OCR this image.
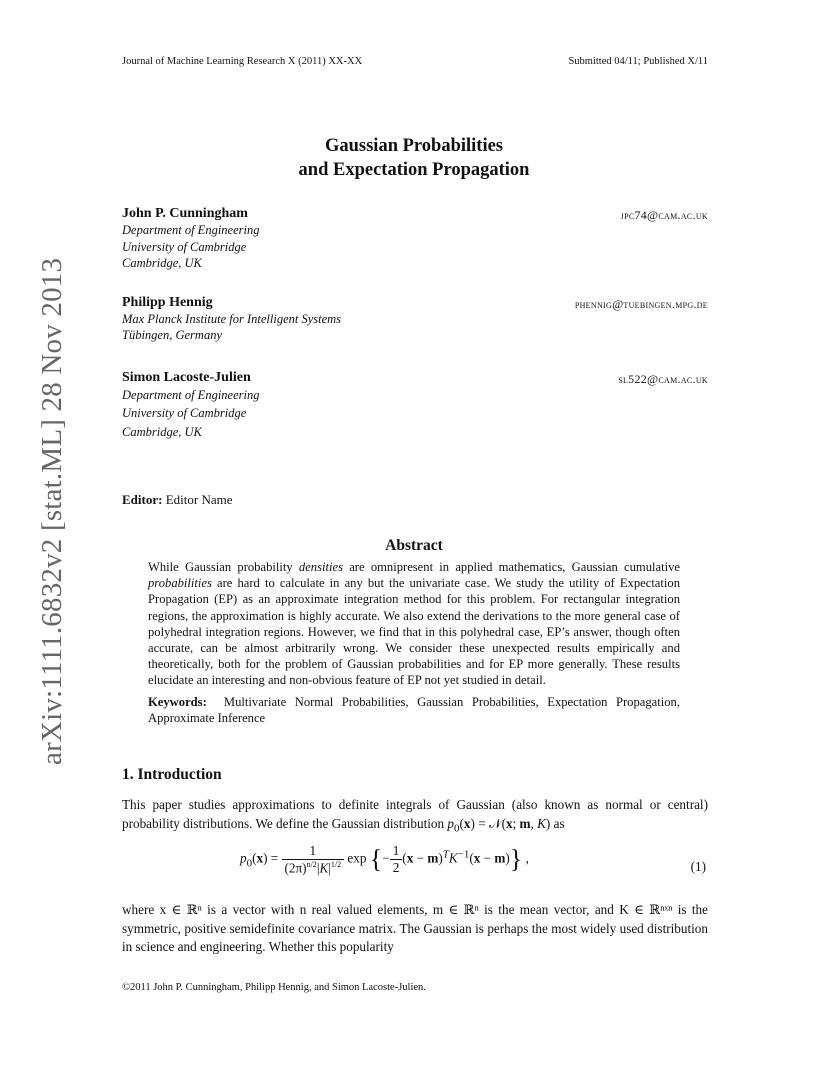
Journal of Machine Learning Research X (2011) XX-XX	Submitted 04/11; Published X/11
arXiv:1111.6832v2 [stat.ML] 28 Nov 2013
Gaussian Probabilities
and Expectation Propagation
John P. Cunningham	jpc74@cam.ac.uk
Department of Engineering
University of Cambridge
Cambridge, UK
Philipp Hennig	phennig@tuebingen.mpg.de
Max Planck Institute for Intelligent Systems
Tübingen, Germany
Simon Lacoste-Julien	sl522@cam.ac.uk
Department of Engineering
University of Cambridge
Cambridge, UK
Editor: Editor Name
Abstract

While Gaussian probability densities are omnipresent in applied mathematics, Gaussian cumulative probabilities are hard to calculate in any but the univariate case. We study the utility of Expectation Propagation (EP) as an approximate integration method for this problem. For rectangular integration regions, the approximation is highly accurate. We also extend the derivations to the more general case of polyhedral integration regions. However, we find that in this polyhedral case, EP’s answer, though often accurate, can be almost arbitrarily wrong. We consider these unexpected results empirically and theoretically, both for the problem of Gaussian probabilities and for EP more generally. These results elucidate an interesting and non-obvious feature of EP not yet studied in detail.

Keywords: Multivariate Normal Probabilities, Gaussian Probabilities, Expectation Propagation, Approximate Inference

1. Introduction

This paper studies approximations to definite integrals of Gaussian (also known as normal or central) probability distributions. We define the Gaussian distribution $p_0(x)$ = 𝒩(x; m, K) as

$p_0(x) = \frac{1}{(2\pi)^{n/2}|K|^{1/2}}$ exp {− $\frac{1}{2} (x - m)^TK^{-1}(x - m)$} ,
(1)

where x ∈ ℝⁿ is a vector with n real valued elements, m ∈ ℝⁿ is the mean vector, and K ∈ ℝⁿˣⁿ is the symmetric, positive semidefinite covariance matrix. The Gaussian is perhaps the most widely used distribution in science and engineering. Whether this popularity

©2011 John P. Cunningham, Philipp Hennig, and Simon Lacoste-Julien.
